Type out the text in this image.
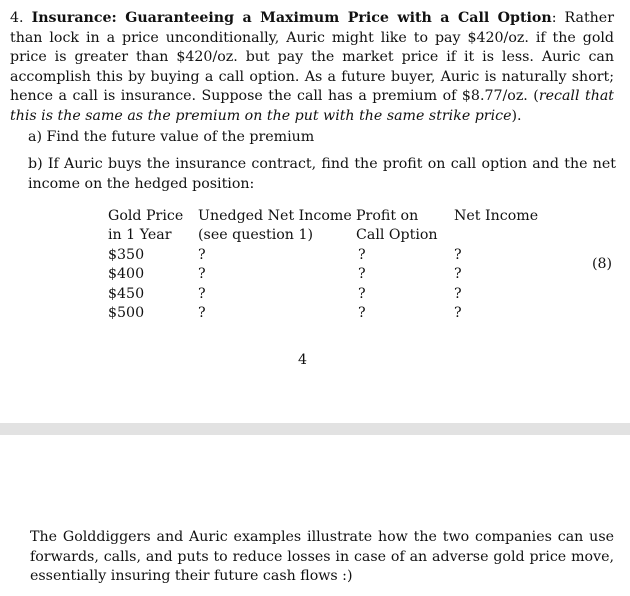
4. Insurance: Guaranteeing a Maximum Price with a Call Option: Rather than lock in a price unconditionally, Auric might like to pay $420/oz. if the gold price is greater than $420/oz. but pay the market price if it is less. Auric can accomplish this by buying a call option. As a future buyer, Auric is naturally short; hence a call is insurance. Suppose the call has a premium of $8.77/oz. (recall that this is the same as the premium on the put with the same strike price).
a) Find the future value of the premium
b) If Auric buys the insurance contract, find the profit on call option and the net income on the hedged position:
Gold Price	Unedged Net Income	Profit on	Net Income
in 1 Year	(see question 1)	Call Option	
$350	?	?	?
$400	?	?	?
$450	?	?	?
$500	?	?	?
(8)
4
The Golddiggers and Auric examples illustrate how the two companies can use forwards, calls, and puts to reduce losses in case of an adverse gold price move, essentially insuring their future cash flows :)
